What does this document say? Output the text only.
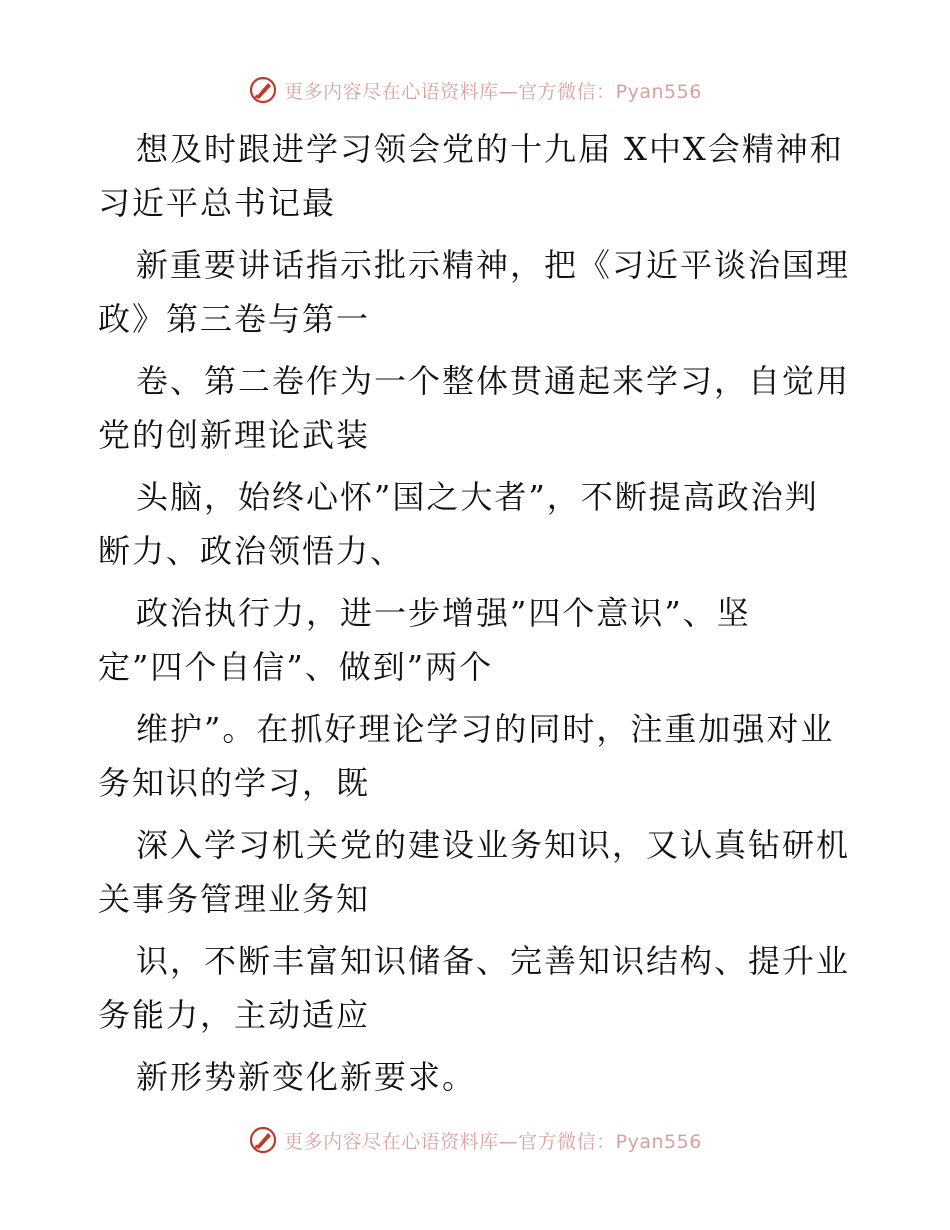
更多内容尽在心语资料库—官方微信：Pyan556
想及时跟进学习领会党的十九届 X中X会精神和
习近平总书记最
新重要讲话指示批示精神，把《习近平谈治国理
政》第三卷与第一
卷、第二卷作为一个整体贯通起来学习，自觉用
党的创新理论武装
头脑，始终心怀”国之大者”，不断提高政治判
断力、政治领悟力、
政治执行力，进一步增强”四个意识”、坚
定”四个自信”、做到”两个
维护”。在抓好理论学习的同时，注重加强对业
务知识的学习，既
深入学习机关党的建设业务知识，又认真钻研机
关事务管理业务知
识，不断丰富知识储备、完善知识结构、提升业
务能力，主动适应
新形势新变化新要求。
更多内容尽在心语资料库—官方微信：Pyan556
